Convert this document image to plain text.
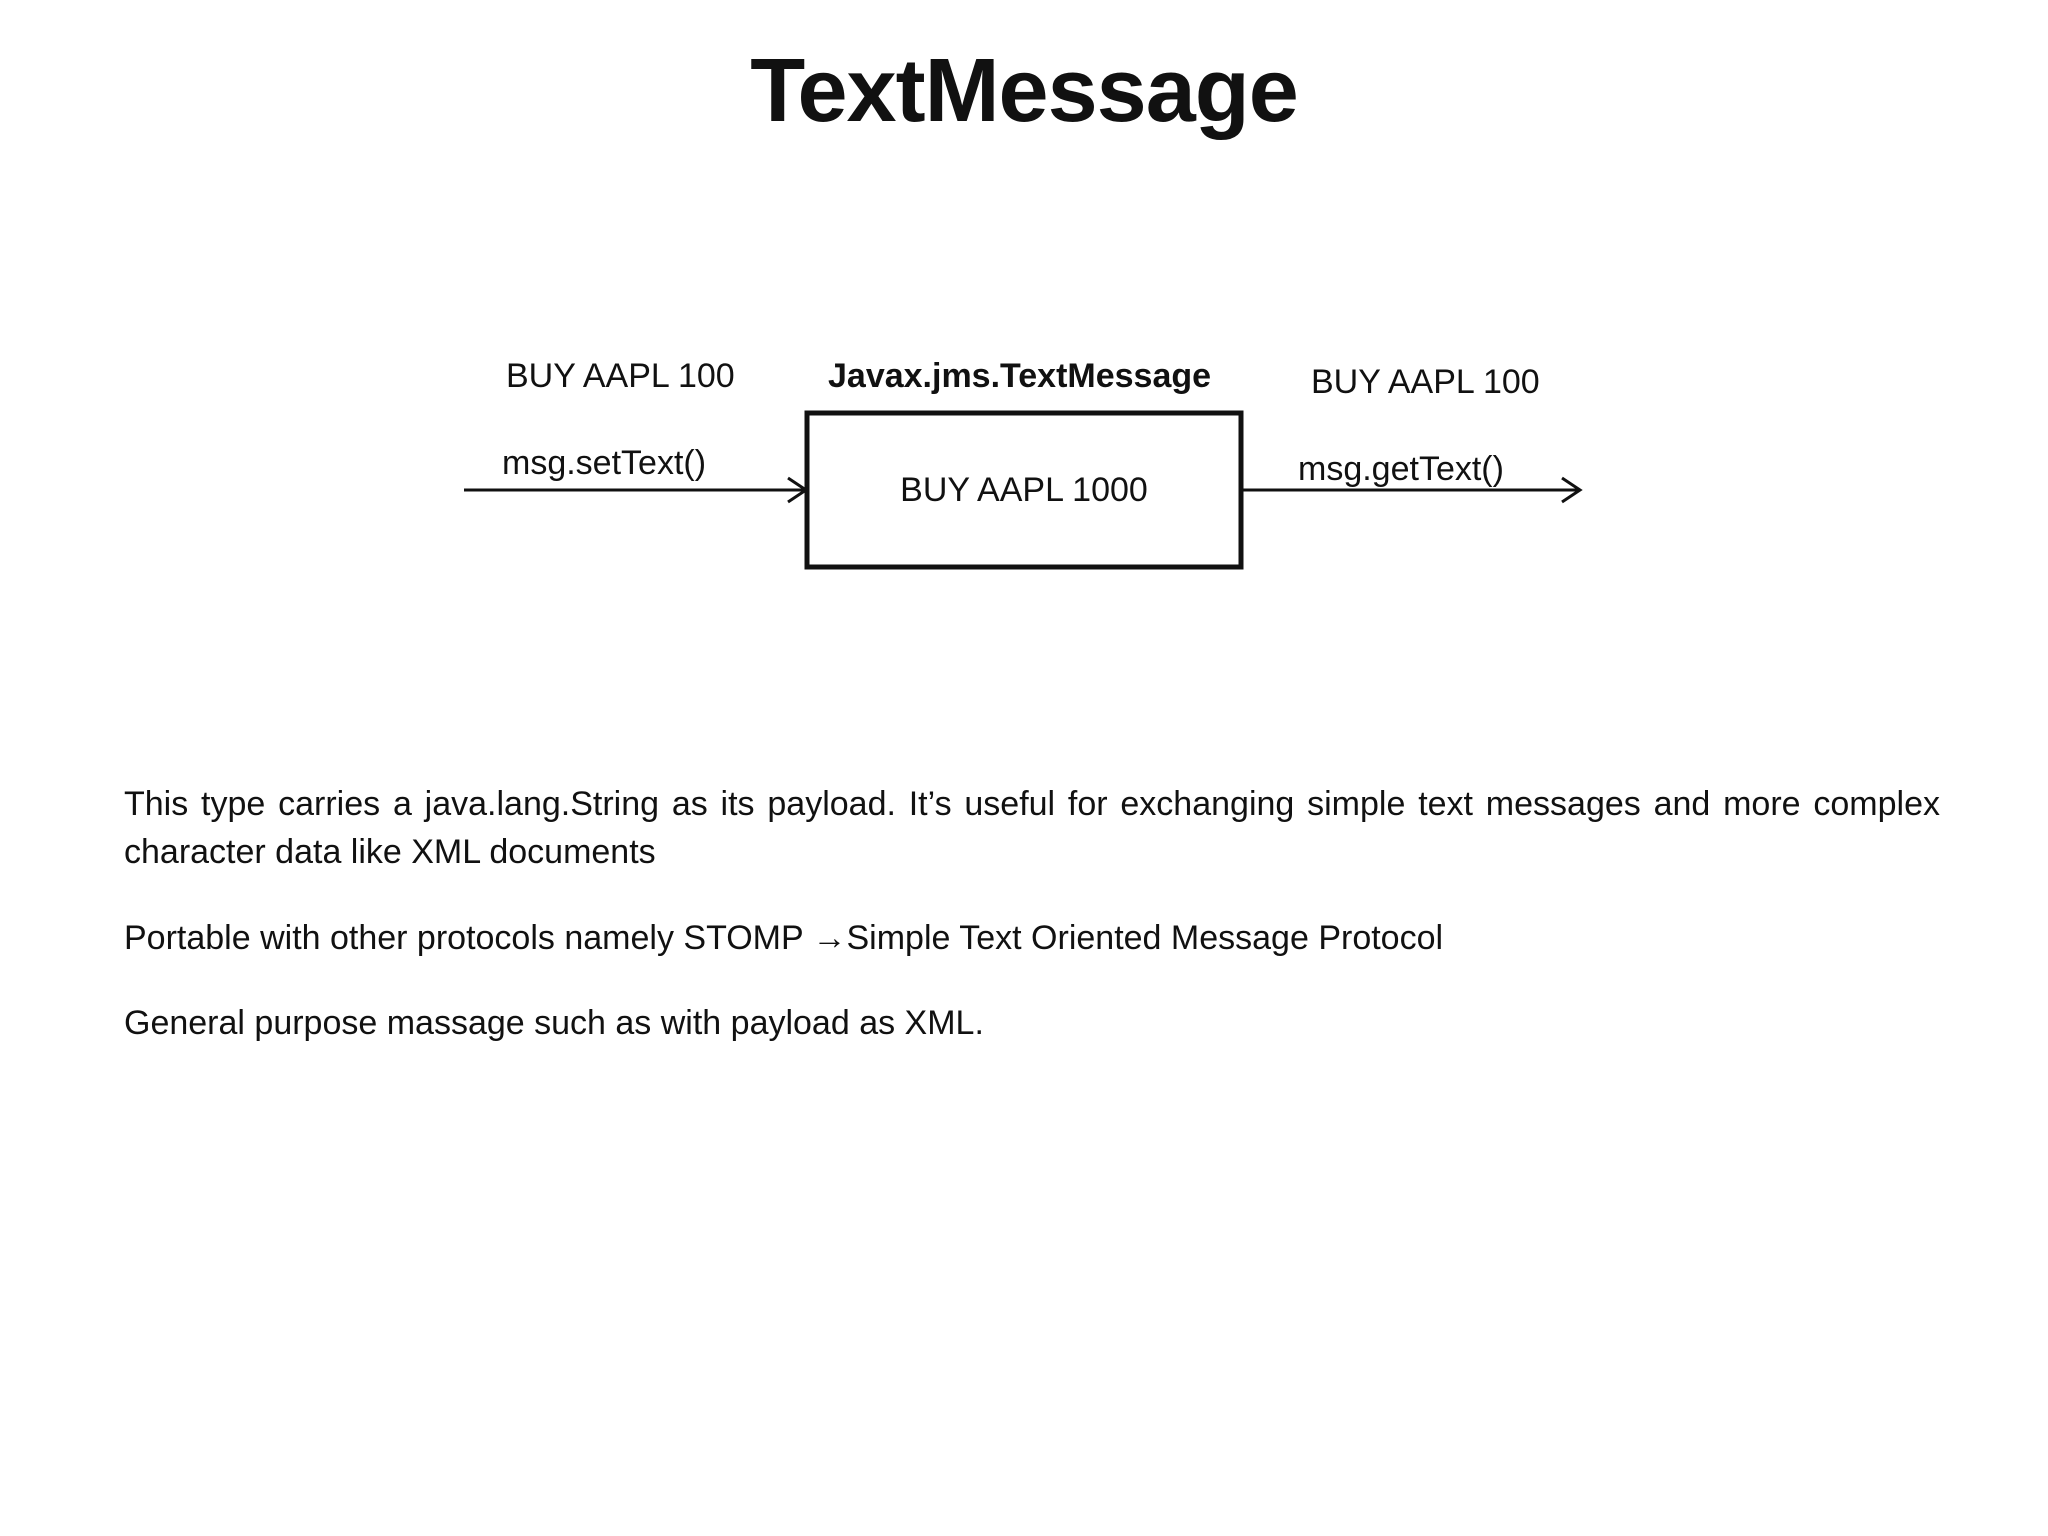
TextMessage
BUY AAPL 100
msg.setText()
Javax.jms.TextMessage
BUY AAPL 1000
BUY AAPL 100
msg.getText()
This type carries a java.lang.String as its payload. It’s useful for exchanging simple text messages and more complex character data like XML documents
Portable with other protocols namely STOMP →Simple Text Oriented Message Protocol
General purpose massage such as with payload as XML.
